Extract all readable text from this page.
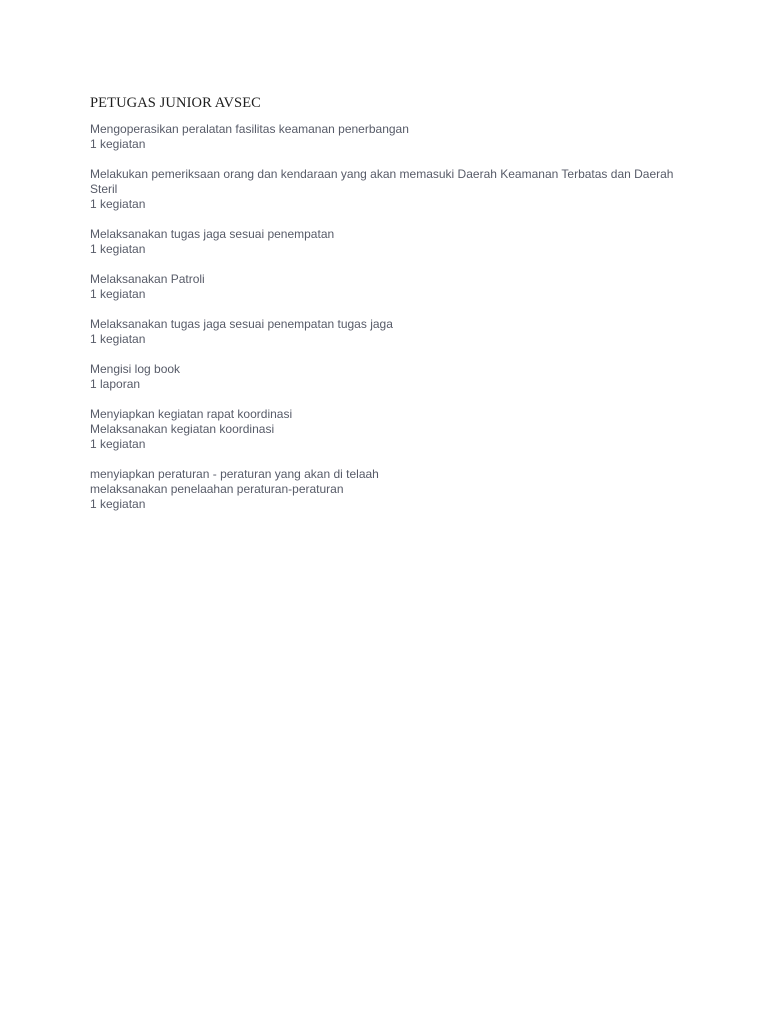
PETUGAS JUNIOR AVSEC
Mengoperasikan peralatan fasilitas keamanan penerbangan
1 kegiatan
Melakukan pemeriksaan orang dan kendaraan yang akan memasuki Daerah Keamanan Terbatas dan Daerah Steril
1 kegiatan
Melaksanakan tugas jaga sesuai penempatan
1 kegiatan
Melaksanakan Patroli
1 kegiatan
Melaksanakan tugas jaga sesuai penempatan tugas jaga
1 kegiatan
Mengisi log book
1 laporan
Menyiapkan kegiatan rapat koordinasi
Melaksanakan kegiatan koordinasi
1 kegiatan
menyiapkan peraturan - peraturan yang akan di telaah
melaksanakan penelaahan peraturan-peraturan
1 kegiatan
